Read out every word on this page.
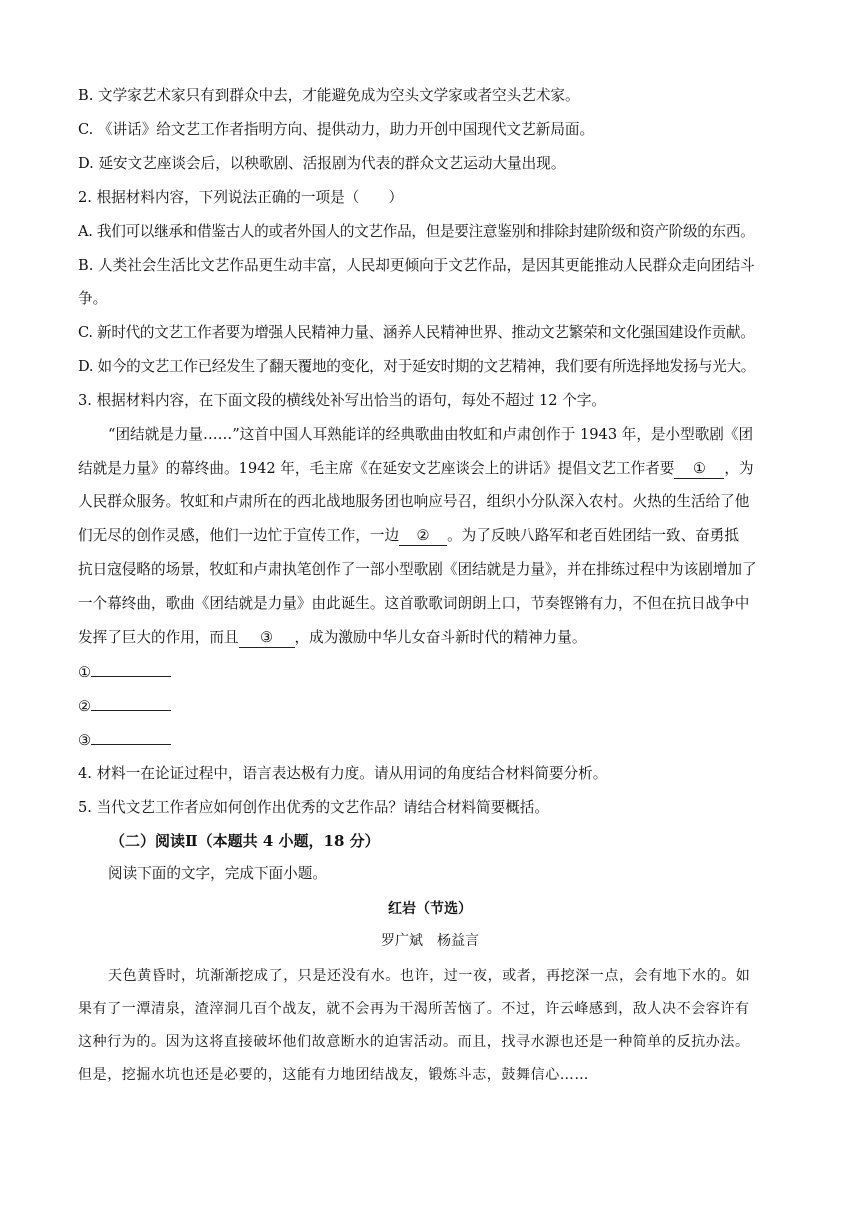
B. 文学家艺术家只有到群众中去，才能避免成为空头文学家或者空头艺术家。
C. 《讲话》给文艺工作者指明方向、提供动力，助力开创中国现代文艺新局面。
D. 延安文艺座谈会后，以秧歌剧、活报剧为代表的群众文艺运动大量出现。
2. 根据材料内容，下列说法正确的一项是（　　）
A. 我们可以继承和借鉴古人的或者外国人的文艺作品，但是要注意鉴别和排除封建阶级和资产阶级的东西。
B. 人类社会生活比文艺作品更生动丰富，人民却更倾向于文艺作品，是因其更能推动人民群众走向团结斗
争。
C. 新时代的文艺工作者要为增强人民精神力量、涵养人民精神世界、推动文艺繁荣和文化强国建设作贡献。
D. 如今的文艺工作已经发生了翻天覆地的变化，对于延安时期的文艺精神，我们要有所选择地发扬与光大。
3. 根据材料内容，在下面文段的横线处补写出恰当的语句，每处不超过 12 个字。
“团结就是力量……”这首中国人耳熟能详的经典歌曲由牧虹和卢肃创作于 1943 年，是小型歌剧《团
结就是力量》的幕终曲。1942 年，毛主席《在延安文艺座谈会上的讲话》提倡文艺工作者要 ① ，为
人民群众服务。牧虹和卢肃所在的西北战地服务团也响应号召，组织小分队深入农村。火热的生活给了他
们无尽的创作灵感，他们一边忙于宣传工作，一边 ② 。为了反映八路军和老百姓团结一致、奋勇抵
抗日寇侵略的场景，牧虹和卢肃执笔创作了一部小型歌剧《团结就是力量》，并在排练过程中为该剧增加了
一个幕终曲，歌曲《团结就是力量》由此诞生。这首歌歌词朗朗上口，节奏铿锵有力，不但在抗日战争中
发挥了巨大的作用，而且 ③ ，成为激励中华儿女奋斗新时代的精神力量。
①
②
③
4. 材料一在论证过程中，语言表达极有力度。请从用词的角度结合材料简要分析。
5. 当代文艺工作者应如何创作出优秀的文艺作品？请结合材料简要概括。
（二）阅读Ⅱ（本题共 4 小题，18 分）
阅读下面的文字，完成下面小题。
红岩（节选）
罗广斌　杨益言
天色黄昏时，坑渐渐挖成了，只是还没有水。也许，过一夜，或者，再挖深一点，会有地下水的。如
果有了一潭清泉，渣滓洞几百个战友，就不会再为干渴所苦恼了。不过，许云峰感到，敌人决不会容许有
这种行为的。因为这将直接破坏他们故意断水的迫害活动。而且，找寻水源也还是一种简单的反抗办法。
但是，挖掘水坑也还是必要的，这能有力地团结战友，锻炼斗志，鼓舞信心……
